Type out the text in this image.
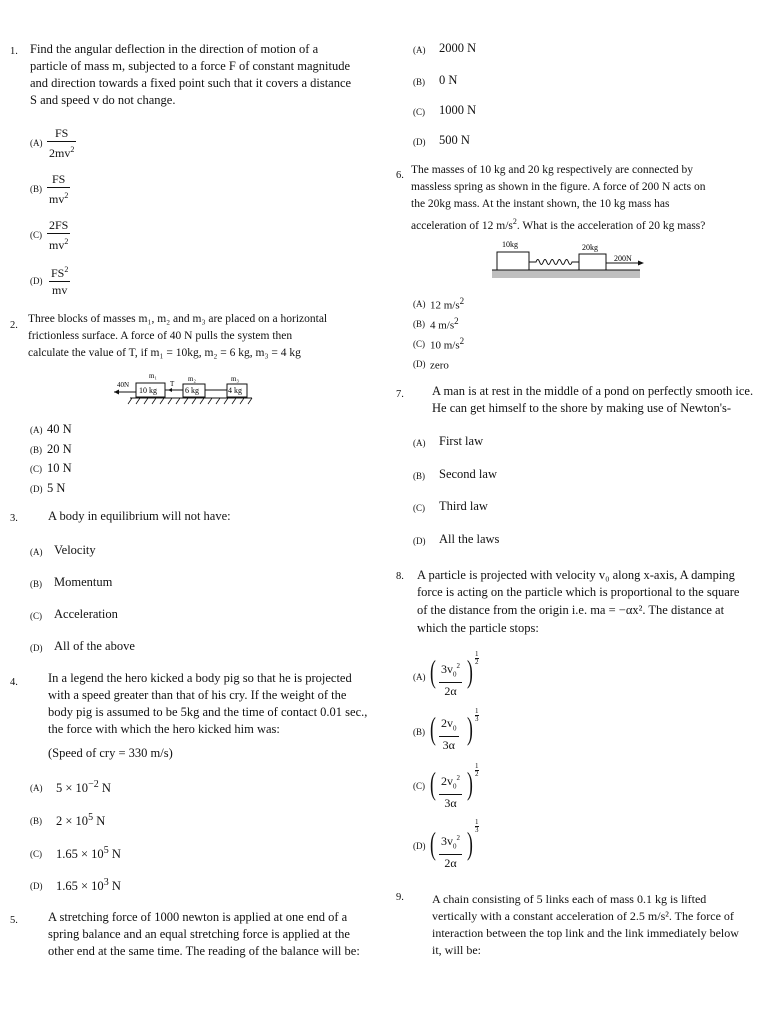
1. Find the angular deflection in the direction of motion of a
particle of mass m, subjected to a force F of constant magnitude
and direction towards a fixed point such that it covers a distance
S and speed v do not change.
$(A) \frac{FS}{2mv^2}$
$(B) \frac{FS}{mv^2}$
$(C) \frac{2FS}{mv^2}$
$(D) \frac{FS^2}{mv}$
2.
Three blocks of masses m₁, m₂ and m₃ are placed on a horizontal
frictionless surface. A force of 40 N pulls the system then
calculate the value of T, if m₁ = 10kg, m₂ = 6 kg, m₃ = 4 kg
m₁	m₂	m₃
40N
10 kg
T
6 kg	4 kg
(A) 40 N
(B) 20 N
(C) 10 N
(D) 5 N
3. A body in equilibrium will not have:
(A) Velocity
(B) Momentum
(C) Acceleration
(D) All of the above
4. In a legend the hero kicked a body pig so that he is projected
with a speed greater than that of his cry. If the weight of the
body pig is assumed to be 5kg and the time of contact 0.01 sec.,
the force with which the hero kicked him was:
(Speed of cry = 330 m/s)
(A) $5 \times 10^{-2}$ N
(B) $2 \times 10^5$ N
(C) $1.65 \times 10^5$ N
(D) $1.65 \times 10^3$ N
5. A stretching force of 1000 newton is applied at one end of a
spring balance and an equal stretching force is applied at the
other end at the same time. The reading of the balance will be:
(A) 2000 N
(B) 0 N
(C) 1000 N
(D) 500 N
6. The masses of 10 kg and 20 kg respectively are connected by
massless spring as shown in the figure. A force of 200 N acts on
the 20kg mass. At the instant shown, the 10 kg mass has
acceleration of 12 $m/s^2$. What is the acceleration of 20 kg mass?
10kg	20kg
200N
(A) 12 $m/s^2$
(B) 4 $m/s^2$
(C) 10 $m/s^2$
(D) zero
7. A man is at rest in the middle of a pond on perfectly smooth ice.
He can get himself to the shore by making use of Newton's-
(A) First law
(B) Second law
(C) Third law
(D) All the laws
8. A particle is projected with velocity v₀ along x-axis, A damping
force is acting on the particle which is proportional to the square
of the distance from the origin i.e. ma = −αx². The distance at
which the particle stops:
(A) ( $\frac{3v_0^2}{2\alpha}$ ) 1
2
(B) ( $\frac{2v_0}{3\alpha}$ ) 1
3
(C) ( $\frac{2v_0^2}{3\alpha}$ ) 1
2
(D) ( $\frac{3v_0^2}{2\alpha}$ )
1
3
9. A chain consisting of 5 links each of mass 0.1 kg is lifted
vertically with a constant acceleration of 2.5 m/s². The force of
interaction between the top link and the link immediately below
it, will be:
